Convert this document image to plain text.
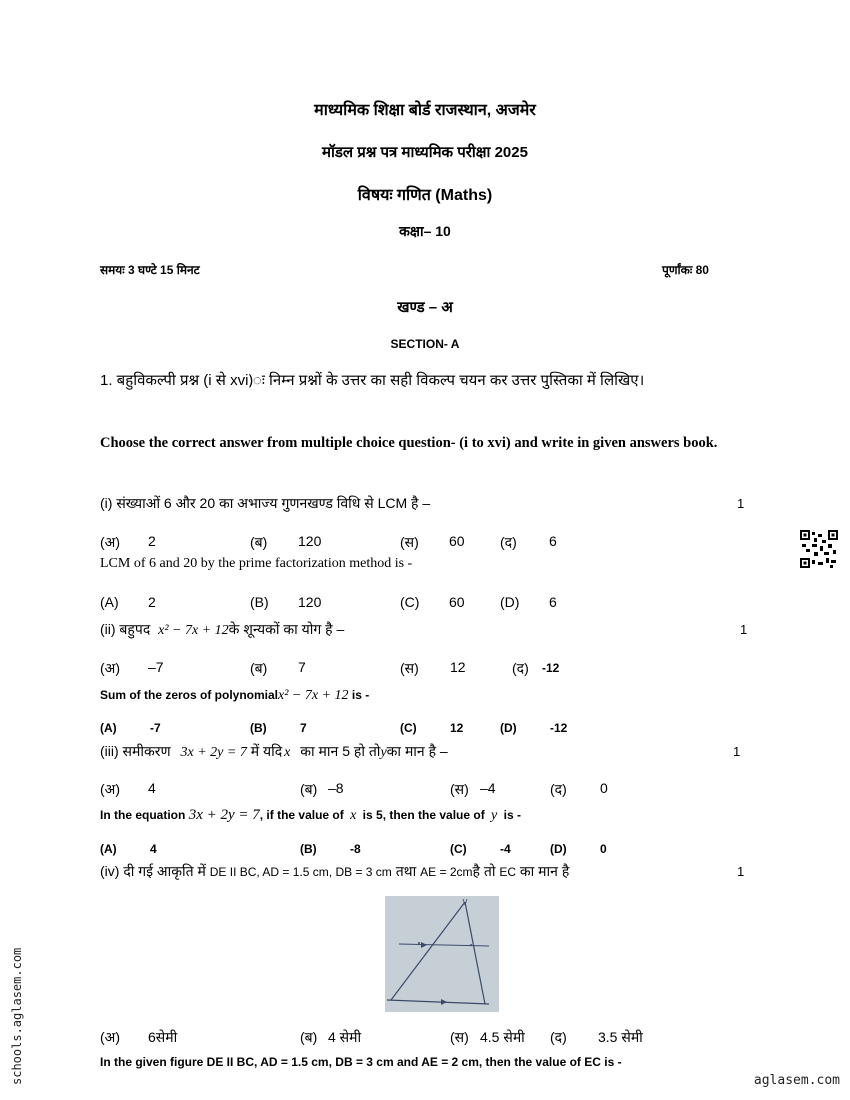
माध्यमिक शिक्षा बोर्ड राजस्थान, अजमेर
मॉडल प्रश्न पत्र माध्यमिक परीक्षा 2025
विषयः गणित (Maths)
कक्षा– 10
समयः 3 घण्टे 15 मिनट	पूर्णांकः 80
खण्ड – अ
SECTION- A
1. बहुविकल्पी प्रश्न (i से xvi)ः निम्न प्रश्नों के उत्तर का सही विकल्प चयन कर उत्तर पुस्तिका में लिखिए।
Choose the correct answer from multiple choice question- (i to xvi) and write in given answers book.
(i) संख्याओं 6 और 20 का अभाज्य गुणनखण्ड विधि से LCM है –	1
(अ) 2	(ब) 120	(स) 60	(द) 6
LCM of 6 and 20 by the prime factorization method is -
(A) 2	(B) 120	(C) 60	(D) 6
(ii) बहुपद x² − 7x + 12के शून्यकों का योग है –	1
(अ) –7	(ब) 7	(स) 12	(द) -12
Sum of the zeros of polynomialx² − 7x + 12 is -
(A)	-7	(B)	7	(C)	12	(D)	-12
(iii) समीकरण 3x + 2y = 7 में यदि x का मान 5 हो तोyका मान है –	1
(अ) 4	(ब) –8	(स) –4	(द) 0
In the equation 3x + 2y = 7, if the value of x is 5, then the value of y is -
(A)	4	(B)	-8	(C)	-4	(D)	0
(iv) दी गई आकृति में DE II BC, AD = 1.5 cm, DB = 3 cm तथा AE = 2cmहै तो EC का मान है	1
(अ) 6सेमी	(ब) 4 सेमी	(स) 4.5 सेमी (द) 3.5 सेमी
In the given figure DE II BC, AD = 1.5 cm, DB = 3 cm and AE = 2 cm, then the value of EC is -
schools.aglasem.com	aglasem.com
